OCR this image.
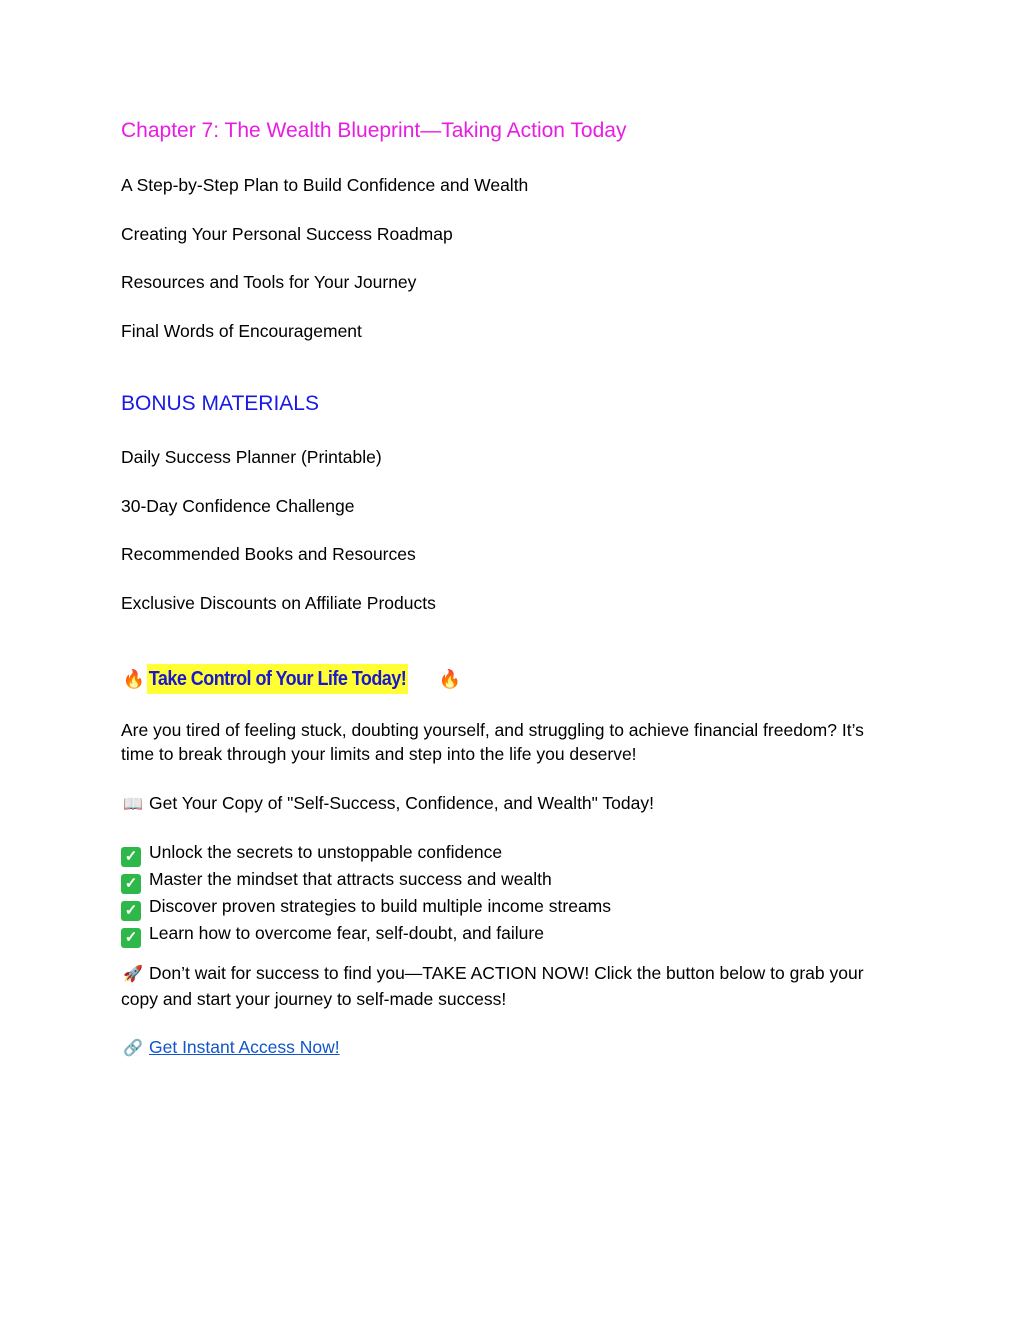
Chapter 7: The Wealth Blueprint—Taking Action Today

A Step-by-Step Plan to Build Confidence and Wealth

Creating Your Personal Success Roadmap

Resources and Tools for Your Journey

Final Words of Encouragement

BONUS MATERIALS

Daily Success Planner (Printable)

30-Day Confidence Challenge

Recommended Books and Resources

Exclusive Discounts on Affiliate Products

🔥 Take Control of Your Life Today! 🔥

Are you tired of feeling stuck, doubting yourself, and struggling to achieve financial freedom? It’s
time to break through your limits and step into the life you deserve!

📖 Get Your Copy of "Self-Success, Confidence, and Wealth" Today!

✓ Unlock the secrets to unstoppable confidence
✓ Master the mindset that attracts success and wealth
✓ Discover proven strategies to build multiple income streams
✓ Learn how to overcome fear, self-doubt, and failure

🚀 Don’t wait for success to find you—TAKE ACTION NOW! Click the button below to grab your
copy and start your journey to self-made success!

🔗 Get Instant Access Now!
